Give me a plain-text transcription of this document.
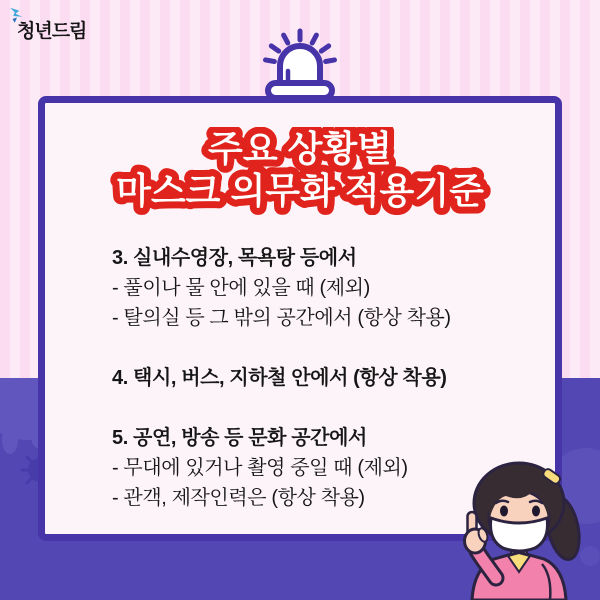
청년드림
주요 상황별
마스크 의무화 적용기준
3. 실내수영장, 목욕탕 등에서
- 풀이나 물 안에 있을 때 (제외)
- 탈의실 등 그 밖의 공간에서 (항상 착용)
4. 택시, 버스, 지하철 안에서 (항상 착용)
5. 공연, 방송 등 문화 공간에서
- 무대에 있거나 촬영 중일 때 (제외)
- 관객, 제작인력은 (항상 착용)
